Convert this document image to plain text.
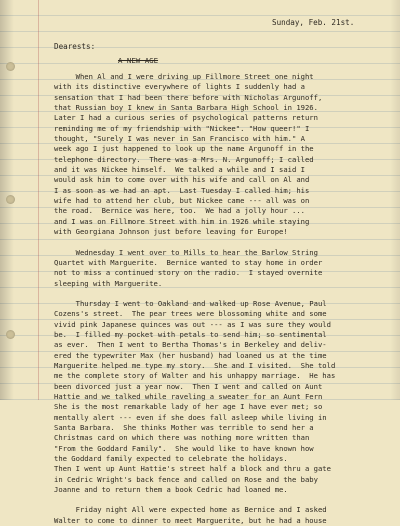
Sunday, Feb. 21st.
Dearests:
A NEW AGE
When Al and I were driving up Fillmore Street one night
with its distinctive everywhere of lights I suddenly had a
sensation that I had been there before with Nicholas Argunoff,
that Russian boy I knew in Santa Barbara High School in 1926.
Later I had a curious series of psychological patterns return
reminding me of my friendship with "Nickee". "How queer!" I
thought, "Surely I was never in San Francisco with him." A
week ago I just happened to look up the name Argunoff in the
telephone directory.  There was a Mrs. N. Argunoff; I called
and it was Nickee himself.  We talked a while and I said I
would ask him to come over with his wife and call on Al and
I as soon as we had an apt.  Last Tuesday I called him; his
wife had to attend her club, but Nickee came --- all was on
the road.  Bernice was here, too.  We had a jolly hour ...
and I was on Fillmore Street with him in 1926 while staying
with Georgiana Johnson just before leaving for Europe!
Wednesday I went over to Mills to hear the Barlow String
Quartet with Marguerite.  Bernice wanted to stay home in order
not to miss a continued story on the radio.  I stayed overnite
sleeping with Marguerite.
Thursday I went to Oakland and walked up Rose Avenue, Paul
Cozens's street.  The pear trees were blossoming white and some
vivid pink Japanese quinces was out --- as I was sure they would
be.  I filled my pocket with petals to send him; so sentimental
as ever.  Then I went to Bertha Thomas's in Berkeley and deliv-
ered the typewriter Max (her husband) had loaned us at the time
Marguerite helped me type my story.  She and I visited.  She told
me the complete story of Walter and his unhappy marriage.  He has
been divorced just a year now.  Then I went and called on Aunt
Hattie and we talked while raveling a sweater for an Aunt Fern
She is the most remarkable lady of her age I have ever met; so
mentally alert --- even if she does fall asleep while living in
Santa Barbara.  She thinks Mother was terrible to send her a
Christmas card on which there was nothing more written than
"From the Goddard Family".  She would like to have known how
the Goddard family expected to celebrate the holidays.
Then I went up Aunt Hattie's street half a block and thru a gate
in Cedric Wright's back fence and called on Rose and the baby
Joanne and to return them a book Cedric had loaned me.
Friday night All were expected home as Bernice and I asked
Walter to come to dinner to meet Marguerite, but he had a house
